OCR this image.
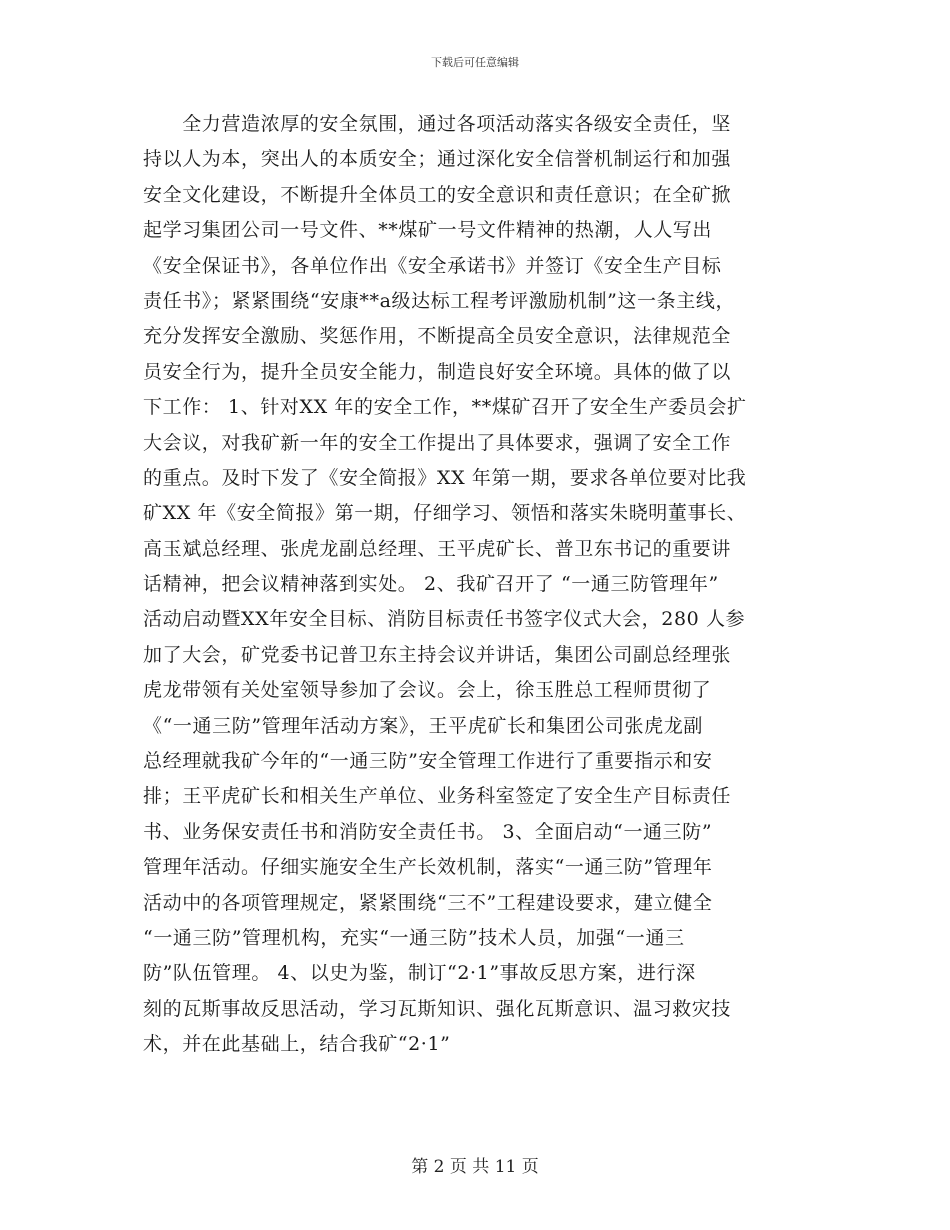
下载后可任意编辑
　　全力营造浓厚的安全氛围，通过各项活动落实各级安全责任，坚
持以人为本，突出人的本质安全；通过深化安全信誉机制运行和加强
安全文化建设，不断提升全体员工的安全意识和责任意识；在全矿掀
起学习集团公司一号文件、**煤矿一号文件精神的热潮，人人写出
《安全保证书》，各单位作出《安全承诺书》并签订《安全生产目标
责任书》；紧紧围绕“安康**a级达标工程考评激励机制”这一条主线，
充分发挥安全激励、奖惩作用，不断提高全员安全意识，法律规范全
员安全行为，提升全员安全能力，制造良好安全环境。具体的做了以
下工作： 1、针对XX 年的安全工作，**煤矿召开了安全生产委员会扩
大会议，对我矿新一年的安全工作提出了具体要求，强调了安全工作
的重点。及时下发了《安全简报》XX 年第一期，要求各单位要对比我
矿XX 年《安全简报》第一期，仔细学习、领悟和落实朱晓明董事长、
高玉斌总经理、张虎龙副总经理、王平虎矿长、普卫东书记的重要讲
话精神，把会议精神落到实处。 2、我矿召开了 “一通三防管理年”
活动启动暨XX年安全目标、消防目标责任书签字仪式大会，280 人参
加了大会，矿党委书记普卫东主持会议并讲话，集团公司副总经理张
虎龙带领有关处室领导参加了会议。会上，徐玉胜总工程师贯彻了
《“一通三防”管理年活动方案》，王平虎矿长和集团公司张虎龙副
总经理就我矿今年的“一通三防”安全管理工作进行了重要指示和安
排；王平虎矿长和相关生产单位、业务科室签定了安全生产目标责任
书、业务保安责任书和消防安全责任书。 3、全面启动“一通三防”
管理年活动。仔细实施安全生产长效机制，落实“一通三防”管理年
活动中的各项管理规定，紧紧围绕“三不”工程建设要求，建立健全
“一通三防”管理机构，充实“一通三防”技术人员，加强“一通三
防”队伍管理。 4、以史为鉴，制订“2·1”事故反思方案，进行深
刻的瓦斯事故反思活动，学习瓦斯知识、强化瓦斯意识、温习救灾技
术，并在此基础上，结合我矿“2·1”
第 2 页 共 11 页
